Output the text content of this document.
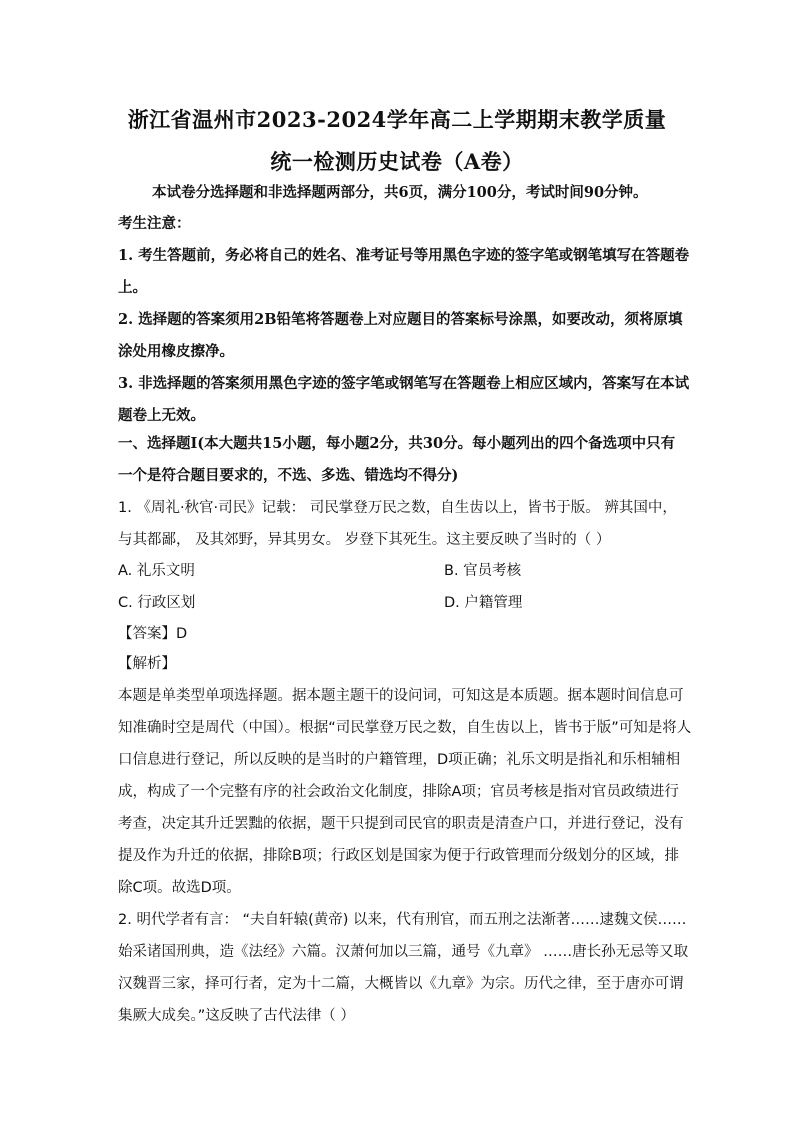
浙江省温州市2023-2024学年高二上学期期末教学质量
统一检测历史试卷（A卷）
本试卷分选择题和非选择题两部分，共6页，满分100分，考试时间90分钟。
考生注意：
1. 考生答题前，务必将自己的姓名、准考证号等用黑色字迹的签字笔或钢笔填写在答题卷
上。
2. 选择题的答案须用2B铅笔将答题卷上对应题目的答案标号涂黑，如要改动，须将原填
涂处用橡皮擦净。
3. 非选择题的答案须用黑色字迹的签字笔或钢笔写在答题卷上相应区域内，答案写在本试
题卷上无效。
一、选择题Ⅰ(本大题共15小题，每小题2分，共30分。每小题列出的四个备选项中只有
一个是符合题目要求的，不选、多选、错选均不得分)
1. 《周礼·秋官·司民》记载： 司民掌登万民之数，自生齿以上，皆书于版。 辨其国中，
与其都鄙， 及其郊野，异其男女。 岁登下其死生。这主要反映了当时的（ ）
A. 礼乐文明	B. 官员考核
C. 行政区划	D. 户籍管理
【答案】D
【解析】
本题是单类型单项选择题。据本题主题干的设问词，可知这是本质题。据本题时间信息可
知准确时空是周代（中国）。根据“司民掌登万民之数，自生齿以上，皆书于版”可知是将人
口信息进行登记，所以反映的是当时的户籍管理，D项正确；礼乐文明是指礼和乐相辅相
成，构成了一个完整有序的社会政治文化制度，排除A项；官员考核是指对官员政绩进行
考查，决定其升迁罢黜的依据，题干只提到司民官的职责是清查户口，并进行登记，没有
提及作为升迁的依据，排除B项；行政区划是国家为便于行政管理而分级划分的区域，排
除C项。故选D项。
2. 明代学者有言： “夫自轩辕(黄帝) 以来，代有刑官，而五刑之法渐著……逮魏文侯……
始采诸国刑典，造《法经》六篇。汉萧何加以三篇，通号《九章》 ……唐长孙无忌等又取
汉魏晋三家，择可行者，定为十二篇，大概皆以《九章》为宗。历代之律，至于唐亦可谓
集厥大成矣。”这反映了古代法律（ ）
